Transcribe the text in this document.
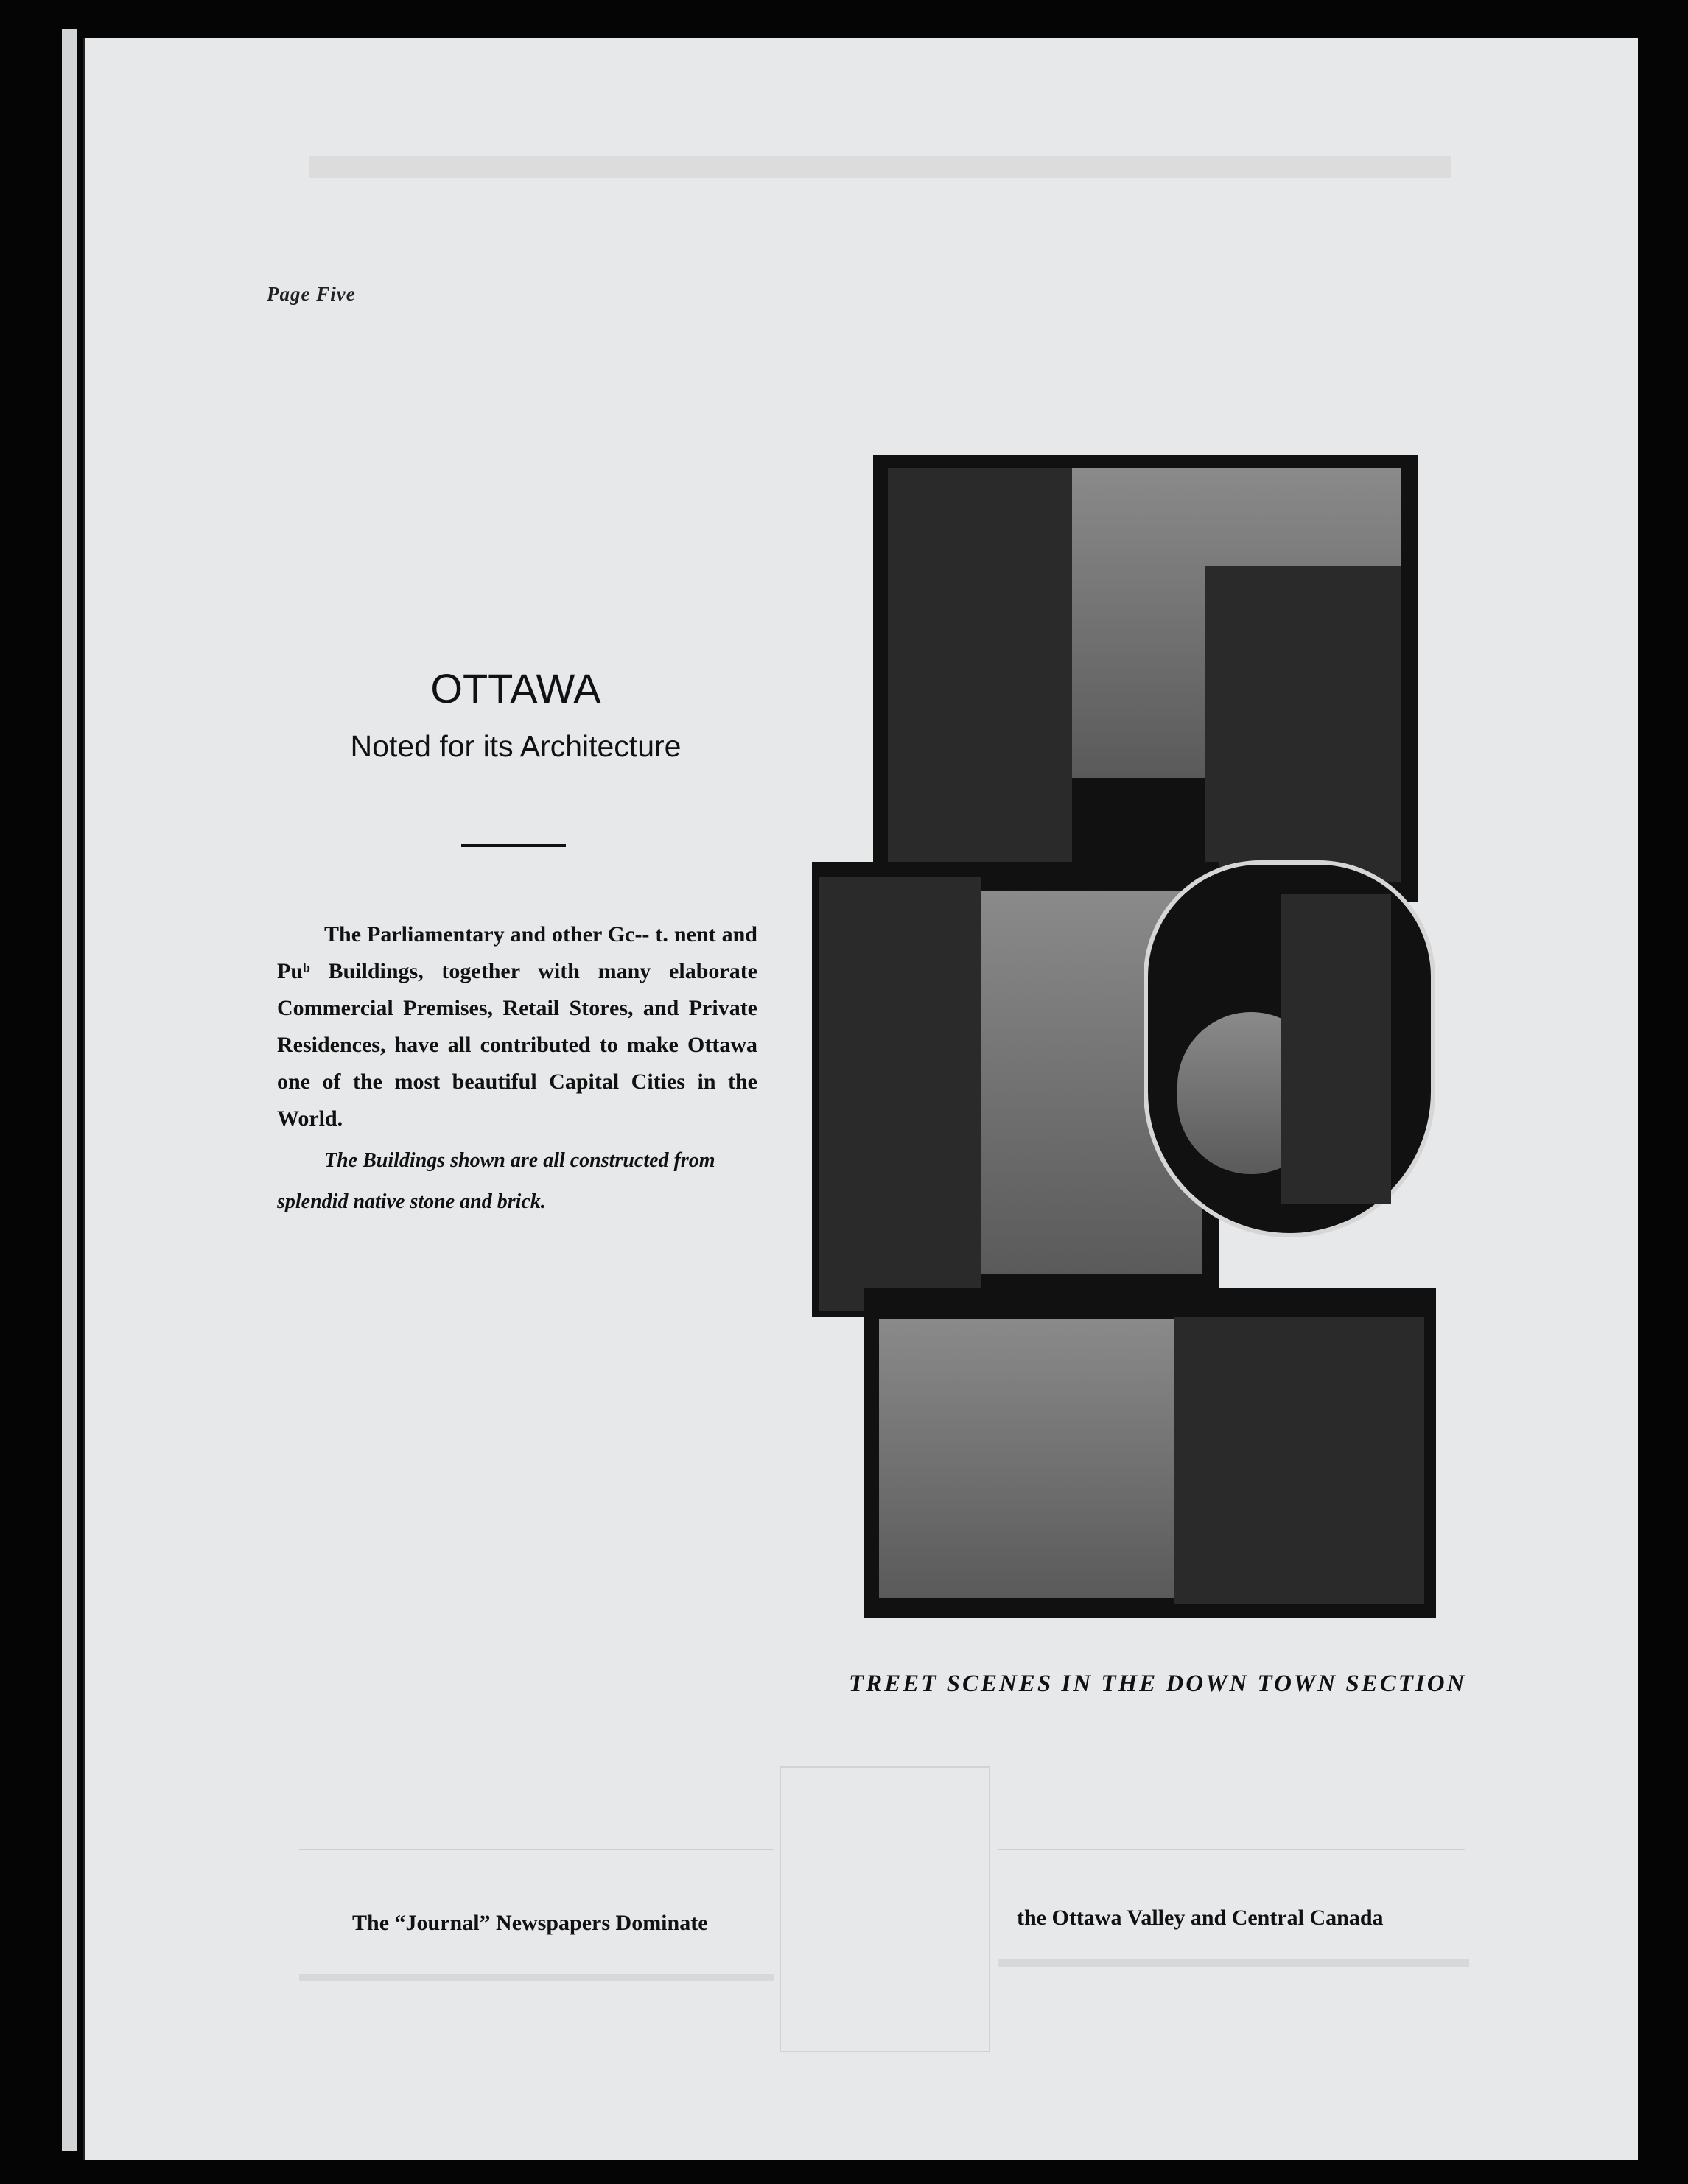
Page Five
OTTAWA
Noted for its Architecture
The Parliamentary and other Gc-- t. nent and Puᵇ Buildings, together with many elaborate Commercial Premises, Retail Stores, and Private Residences, have all contributed to make Ottawa one of the most beautiful Capital Cities in the World.
The Buildings shown are all constructed from splendid native stone and brick.
TREET SCENES IN THE DOWN TOWN SECTION
The “Journal” Newspapers Dominate	the Ottawa Valley and Central Canada
